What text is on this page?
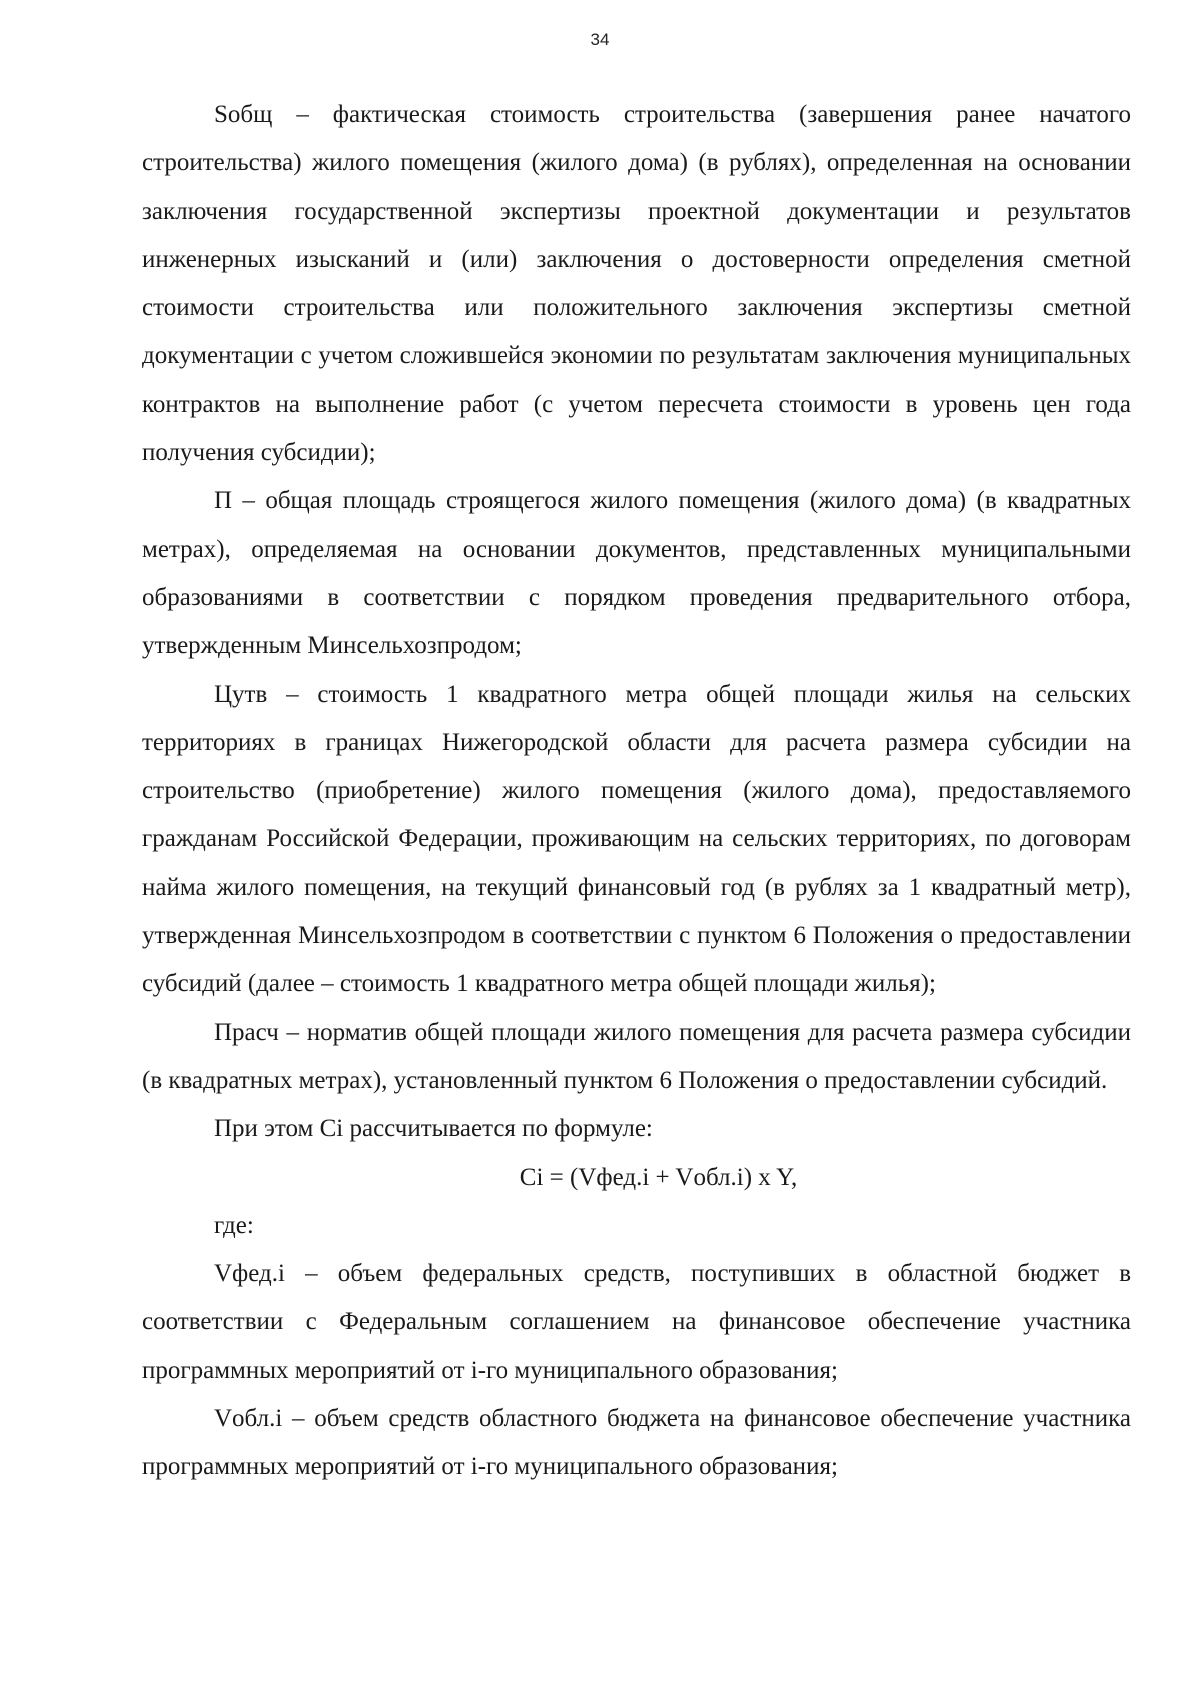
34

Sобщ – фактическая стоимость строительства (завершения ранее начатого строительства) жилого помещения (жилого дома) (в рублях), определенная на основании заключения государственной экспертизы проектной документации и результатов инженерных изысканий и (или) заключения о достоверности определения сметной стоимости строительства или положительного заключения экспертизы сметной документации с учетом сложившейся экономии по результатам заключения муниципальных контрактов на выполнение работ (с учетом пересчета стоимости в уровень цен года получения субсидии);

П – общая площадь строящегося жилого помещения (жилого дома) (в квадратных метрах), определяемая на основании документов, представленных муниципальными образованиями в соответствии с порядком проведения предварительного отбора, утвержденным Минсельхозпродом;

Цутв – стоимость 1 квадратного метра общей площади жилья на сельских территориях в границах Нижегородской области для расчета размера субсидии на строительство (приобретение) жилого помещения (жилого дома), предоставляемого гражданам Российской Федерации, проживающим на сельских территориях, по договорам найма жилого помещения, на текущий финансовый год (в рублях за 1 квадратный метр), утвержденная Минсельхозпродом в соответствии с пунктом 6 Положения о предоставлении субсидий (далее – стоимость 1 квадратного метра общей площади жилья);

Прасч – норматив общей площади жилого помещения для расчета размера субсидии (в квадратных метрах), установленный пунктом 6 Положения о предоставлении субсидий.

При этом Сi рассчитывается по формуле:

Сi = (Vфед.i + Vобл.i) x Y,

где:

Vфед.i – объем федеральных средств, поступивших в областной бюджет в соответствии с Федеральным соглашением на финансовое обеспечение участника программных мероприятий от i-го муниципального образования;

Vобл.i – объем средств областного бюджета на финансовое обеспечение участника программных мероприятий от i-го муниципального образования;
